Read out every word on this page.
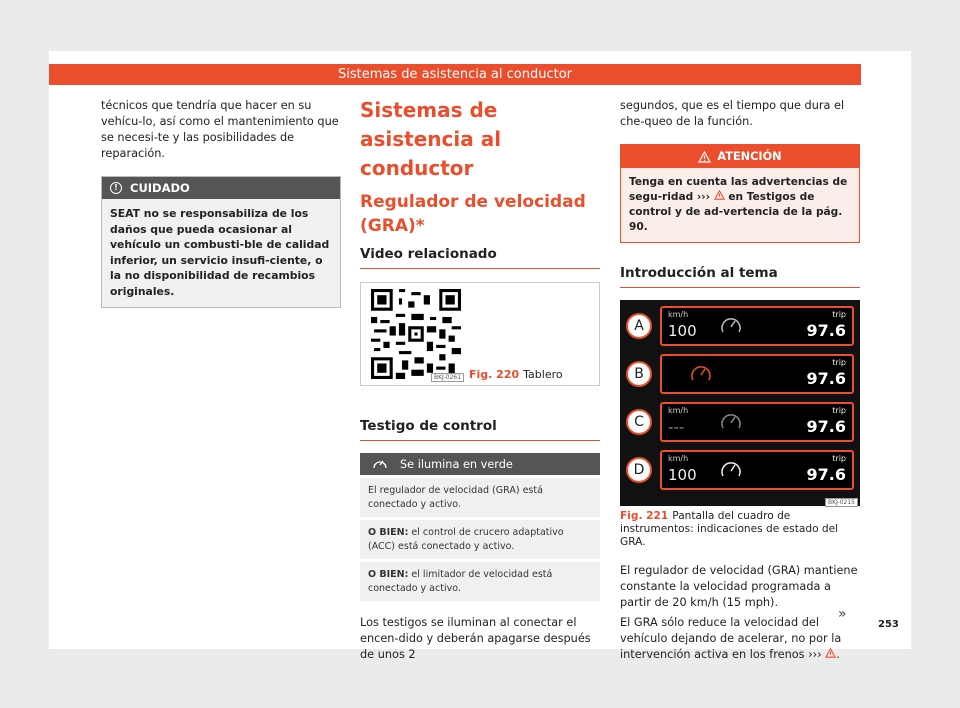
Sistemas de asistencia al conductor
técnicos que tendría que hacer en su vehícu-lo, así como el mantenimiento que se necesi-te y las posibilidades de reparación.
!	CUIDADO
SEAT no se responsabiliza de los daños que pueda ocasionar al vehículo un combusti-ble de calidad inferior, un servicio insufi-ciente, o la no disponibilidad de recambios originales.
Sistemas de asistencia al conductor
Regulador de velocidad (GRA)*
Video relacionado
BKJ-0261 Fig. 220 Tablero
Testigo de control
Se ilumina en verde
El regulador de velocidad (GRA) está conectado y activo.
O BIEN: el control de crucero adaptativo (ACC) está conectado y activo.
O BIEN: el limitador de velocidad está conectado y activo.
Los testigos se iluminan al conectar el encen-dido y deberán apagarse después de unos 2
segundos, que es el tiempo que dura el che-queo de la función.
ATENCIÓN
Tenga en cuenta las advertencias de segu-ridad ›››  en Testigos de control y de ad-vertencia de la pág. 90.
Introducción al tema
A
km/h
100
trip
97.6
B
trip
97.6
C
km/h
---
trip
97.6
D
km/h
100
trip
97.6
BKJ-0215
Fig. 221 Pantalla del cuadro de instrumentos: indicaciones de estado del GRA.
El regulador de velocidad (GRA) mantiene constante la velocidad programada a partir de 20 km/h (15 mph).
El GRA sólo reduce la velocidad del vehículo dejando de acelerar, no por la intervención activa en los frenos ››› .
»
253
